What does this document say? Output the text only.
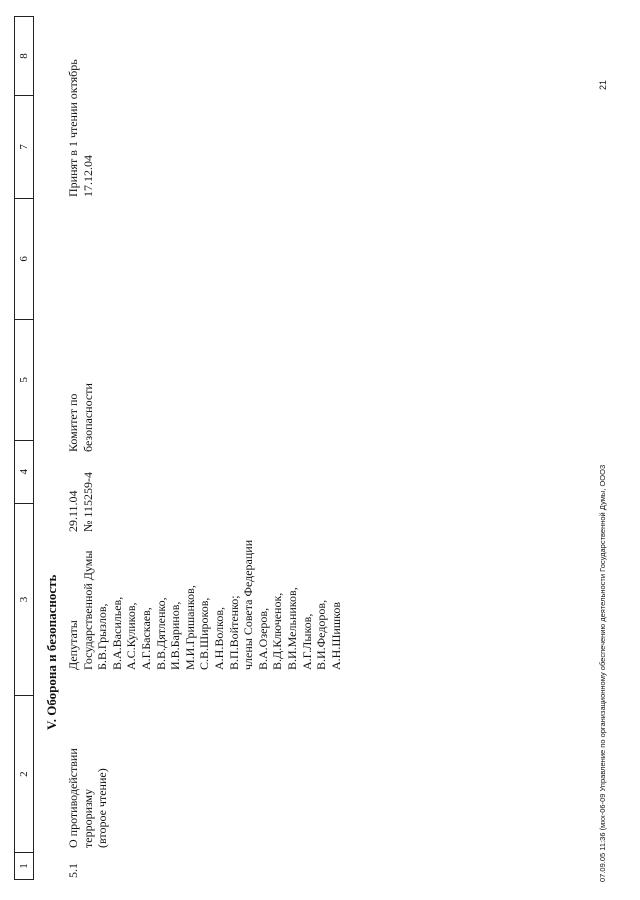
1
2
3
4
5
6
7
8
V. Оборона и безопасность
5.1
О противодействии терроризму (второе чтение)
Депутаты Государственной Думы Б.В.Грызлов, В.А.Васильев, А.С.Куликов, А.Г.Баскаев, В.В.Дятленко, И.В.Баринов, М.И.Гришанков, С.В.Широков, А.Н.Волков, В.П.Войтенко; члены Совета Федерации В.А.Озеров, В.Д.Ключенок, В.И.Мельников, А.Г.Лыков, В.И.Федоров, А.Н.Шишков
29.11.04 № 115259-4
Комитет по безопасности
Принят в 1 чтении октябрь 17.12.04
07.09.05 11:36 (мхх-06-09 Управление по организационному обеспечению деятельности Государственной Думы, ООО3
21
